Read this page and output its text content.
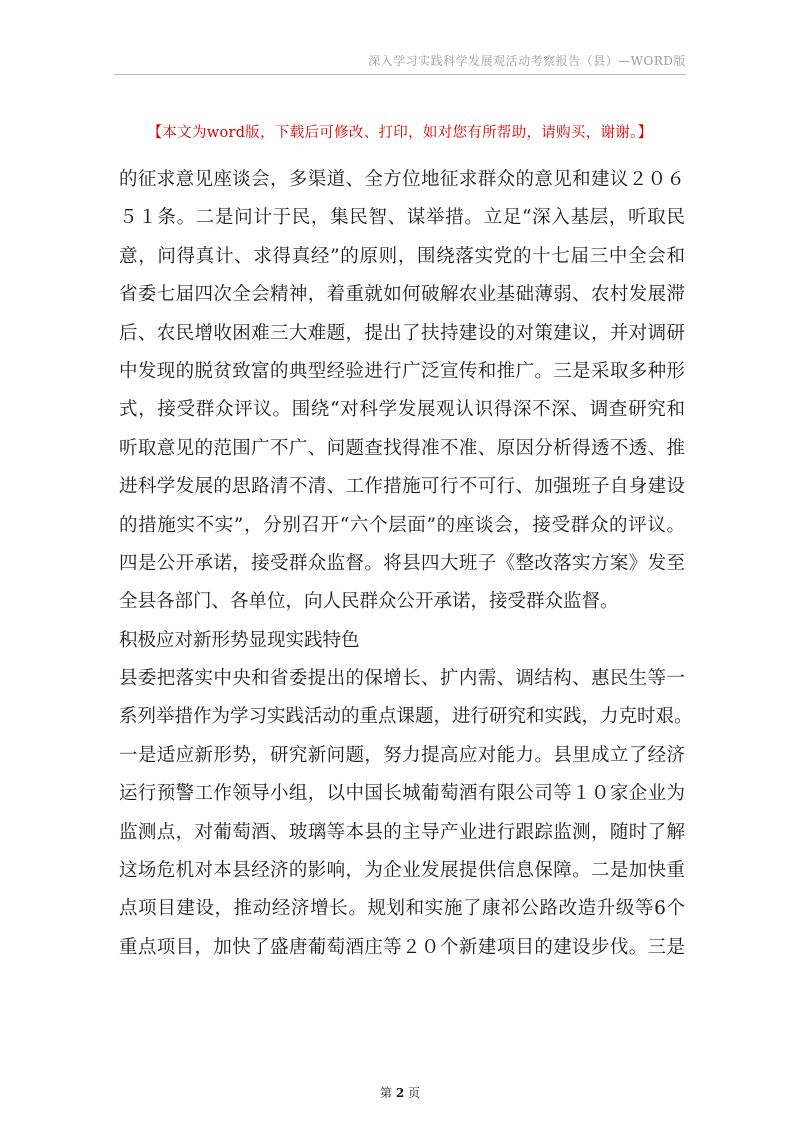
深入学习实践科学发展观活动考察报告（县）—WORD版
【本文为word版，下载后可修改、打印，如对您有所帮助，请购买，谢谢。】
的征求意见座谈会，多渠道、全方位地征求群众的意见和建议２０６
５１条。二是问计于民，集民智、谋举措。立足“深入基层，听取民
意，问得真计、求得真经”的原则，围绕落实党的十七届三中全会和
省委七届四次全会精神，着重就如何破解农业基础薄弱、农村发展滞
后、农民增收困难三大难题，提出了扶持建设的对策建议，并对调研
中发现的脱贫致富的典型经验进行广泛宣传和推广。三是采取多种形
式，接受群众评议。围绕“对科学发展观认识得深不深、调查研究和
听取意见的范围广不广、问题查找得准不准、原因分析得透不透、推
进科学发展的思路清不清、工作措施可行不可行、加强班子自身建设
的措施实不实”，分别召开“六个层面”的座谈会，接受群众的评议。
四是公开承诺，接受群众监督。将县四大班子《整改落实方案》发至
全县各部门、各单位，向人民群众公开承诺，接受群众监督。
积极应对新形势显现实践特色
县委把落实中央和省委提出的保增长、扩内需、调结构、惠民生等一
系列举措作为学习实践活动的重点课题，进行研究和实践，力克时艰。
一是适应新形势，研究新问题，努力提高应对能力。县里成立了经济
运行预警工作领导小组，以中国长城葡萄酒有限公司等１０家企业为
监测点，对葡萄酒、玻璃等本县的主导产业进行跟踪监测，随时了解
这场危机对本县经济的影响，为企业发展提供信息保障。二是加快重
点项目建设，推动经济增长。规划和实施了康祁公路改造升级等6个
重点项目，加快了盛唐葡萄酒庄等２０个新建项目的建设步伐。三是
第 2 页
